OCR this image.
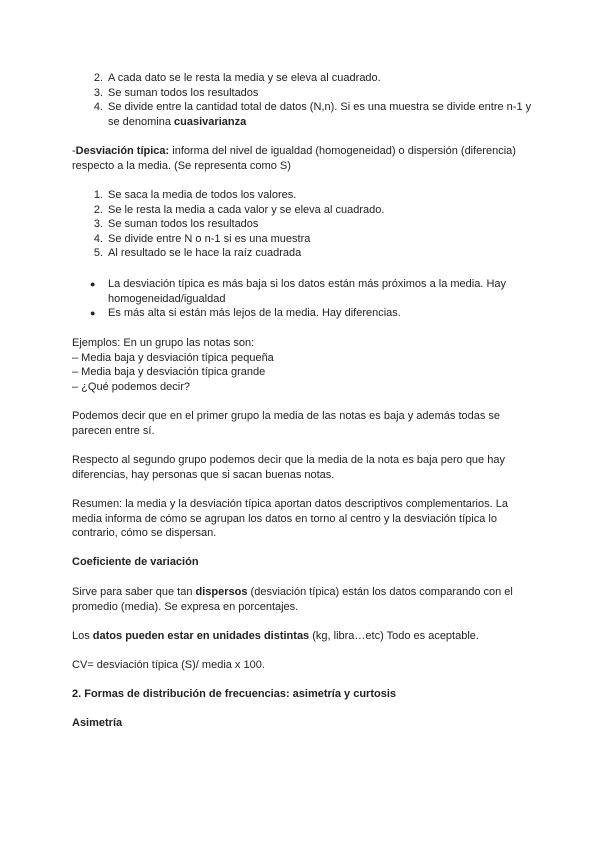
2. A cada dato se le resta la media y se eleva al cuadrado.
3. Se suman todos los resultados
4. Se divide entre la cantidad total de datos (N,n). Si es una muestra se divide entre n-1 y se denomina cuasivarianza

-Desviación típica: informa del nivel de igualdad (homogeneidad) o dispersión (diferencia) respecto a la media. (Se representa como S)

1. Se saca la media de todos los valores.
2. Se le resta la media a cada valor y se eleva al cuadrado.
3. Se suman todos los resultados
4. Se divide entre N o n-1 si es una muestra
5. Al resultado se le hace la raíz cuadrada
● La desviación típica es más baja si los datos están más próximos a la media. Hay homogeneidad/igualdad
● Es más alta si están más lejos de la media. Hay diferencias.

Ejemplos: En un grupo las notas son:

– Media baja y desviación típica pequeña

– Media baja y desviación típica grande

– ¿Qué podemos decir?

Podemos decir que en el primer grupo la media de las notas es baja y además todas se parecen entre sí.

Respecto al segundo grupo podemos decir que la media de la nota es baja pero que hay diferencias, hay personas que si sacan buenas notas.

Resumen: la media y la desviación típica aportan datos descriptivos complementarios. La media informa de cómo se agrupan los datos en torno al centro y la desviación típica lo contrario, cómo se dispersan.

Coeficiente de variación

Sirve para saber que tan dispersos (desviación típica) están los datos comparando con el promedio (media). Se expresa en porcentajes.

Los datos pueden estar en unidades distintas (kg, libra…etc) Todo es aceptable.

CV= desviación típica (S)/ media x 100.

2. Formas de distribución de frecuencias: asimetría y curtosis

Asimetría
